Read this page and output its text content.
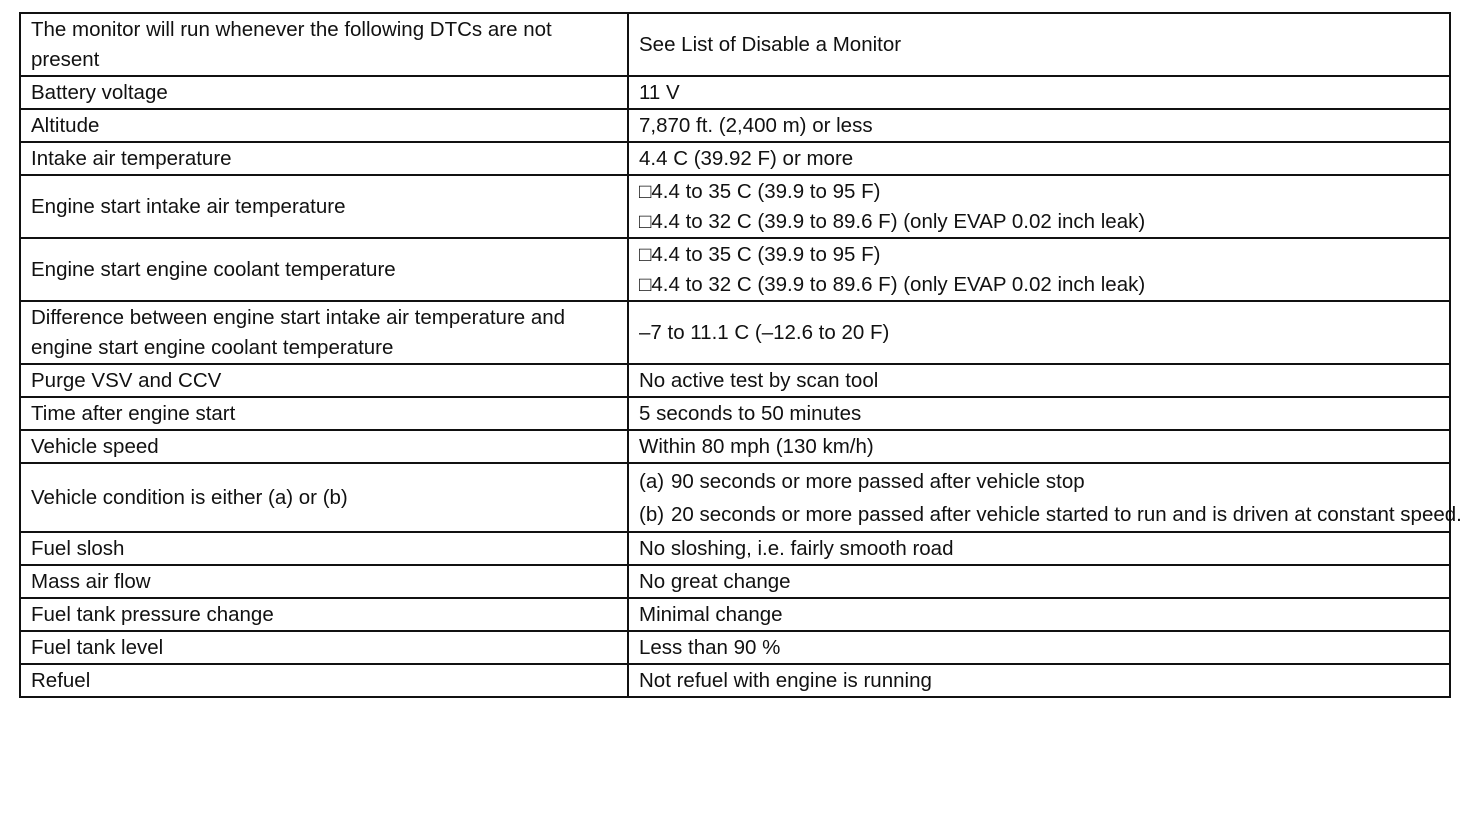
The monitor will run whenever the following DTCs are not present	See List of Disable a Monitor

Battery voltage	11 V

Altitude	7,870 ft. (2,400 m) or less

Intake air temperature	4.4 C (39.92 F) or more

Engine start intake air temperature	□4.4 to 35 C (39.9 to 95 F)
□4.4 to 32 C (39.9 to 89.6 F) (only EVAP 0.02 inch leak)

Engine start engine coolant temperature	□4.4 to 35 C (39.9 to 95 F)
□4.4 to 32 C (39.9 to 89.6 F) (only EVAP 0.02 inch leak)

Difference between engine start intake air temperature and engine start engine coolant temperature	–7 to 11.1 C (–12.6 to 20 F)

Purge VSV and CCV	No active test by scan tool

Time after engine start	5 seconds to 50 minutes

Vehicle speed	Within 80 mph (130 km/h)

Vehicle condition is either (a) or (b)	(a) 90 seconds or more passed after vehicle stop
(b) 20 seconds or more passed after vehicle started to run and is driven at constant speed.

Fuel slosh	No sloshing, i.e. fairly smooth road

Mass air flow	No great change

Fuel tank pressure change	Minimal change

Fuel tank level	Less than 90 %

Refuel	Not refuel with engine is running
